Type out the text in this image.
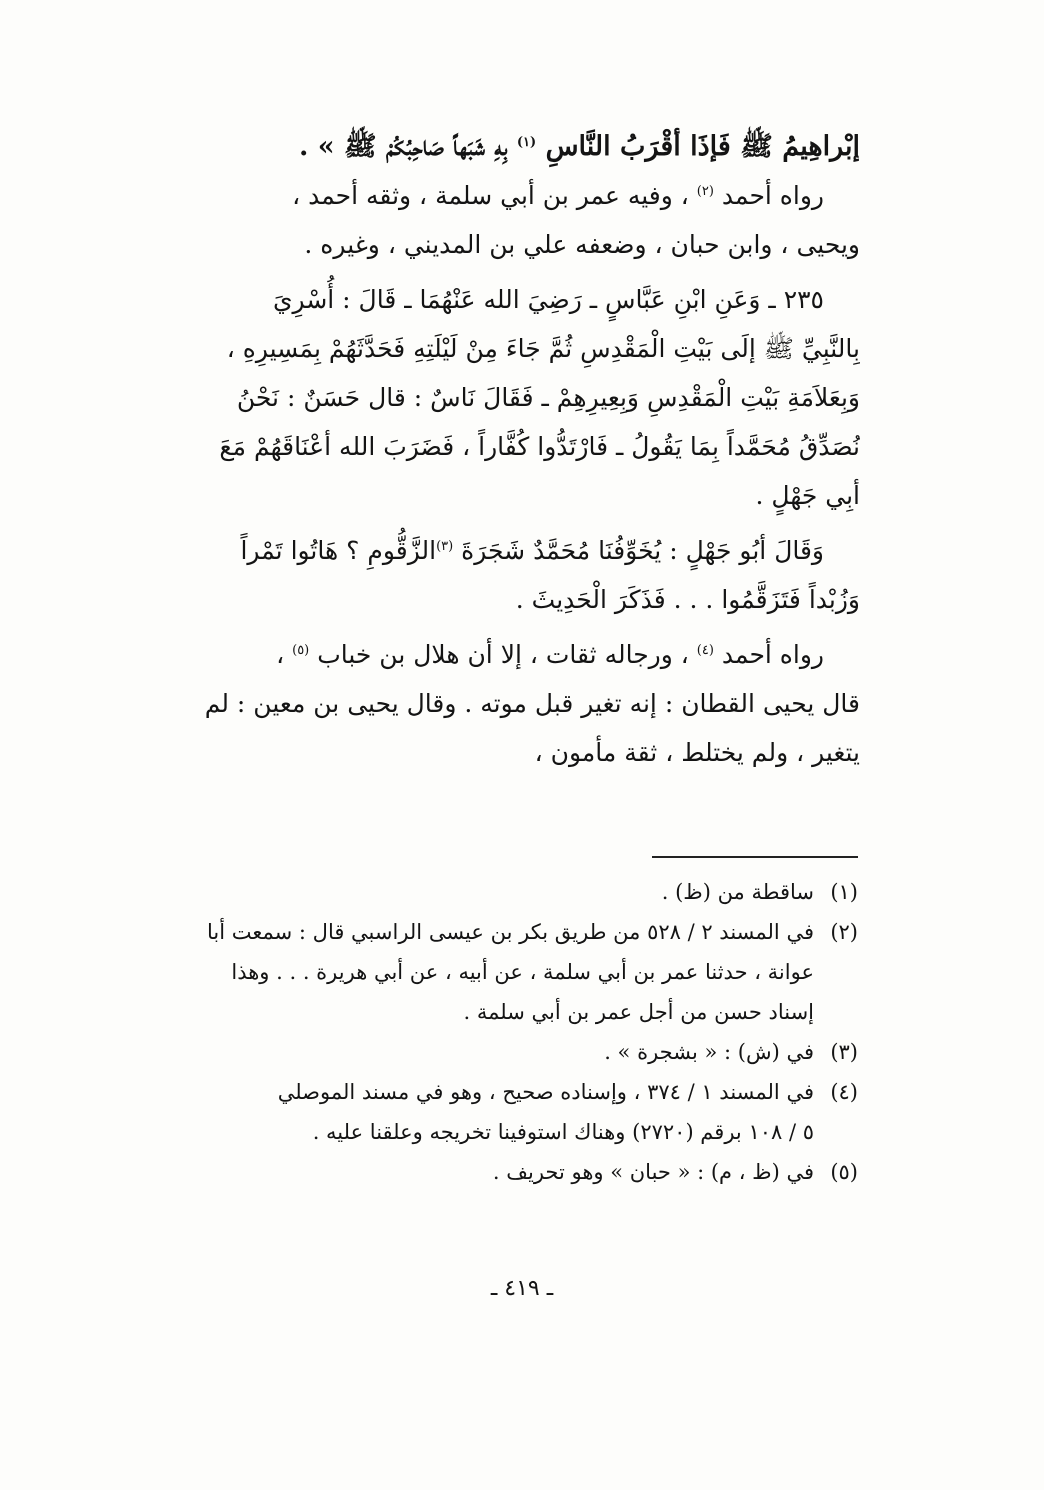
إبْراهِيمُ ﷺ فَإذَا أقْرَبُ النَّاسِ $^{(١)}$ بِهِ شَبَهاً صَاحِبُكُمْ ﷺ » .
رواه أحمد $^{(٢)}$ ، وفيه عمر بن أبي سلمة ، وثقه أحمد ،
ويحيى ، وابن حبان ، وضعفه علي بن المديني ، وغيره .
٢٣٥ ـ وَعَنِ ابْنِ عَبَّاسٍ ـ رَضِيَ الله عَنْهُمَا ـ قَالَ : أُسْرِيَ
بِالنَّبِيِّ ﷺ إلَى بَيْتِ الْمَقْدِسِ ثُمَّ جَاءَ مِنْ لَيْلَتِهِ فَحَدَّثَهُمْ بِمَسِيرِهِ ،
وَبِعَلاَمَةِ بَيْتِ الْمَقْدِسِ وَبِعِيرِهِمْ ـ فَقَالَ نَاسٌ : قال حَسَنٌ : نَحْنُ
نُصَدِّقُ مُحَمَّداً بِمَا يَقُولُ ـ فَارْتَدُّوا كُفَّاراً ، فَضَرَبَ الله أعْنَاقَهُمْ مَعَ
أبِي جَهْلٍ .
وَقَالَ أبُو جَهْلٍ : يُخَوِّفُنَا مُحَمَّدٌ شَجَرَةَ $^{(٣)}$الزَّقُّومِ ؟ هَاتُوا تَمْراً
وَزُبْداً فَتَزَقَّمُوا . . . فَذَكَرَ الْحَدِيثَ .
رواه أحمد $^{(٤)}$ ، ورجاله ثقات ، إلا أن هلال بن خباب $^{(٥)}$ ،
قال يحيى القطان : إنه تغير قبل موته . وقال يحيى بن معين : لم
يتغير ، ولم يختلط ، ثقة مأمون ،
(١)
ساقطة من (ظ) .
(٢)
في المسند ٢ / ٥٢٨ من طريق بكر بن عيسى الراسبي قال : سمعت أبا
عوانة ، حدثنا عمر بن أبي سلمة ، عن أبيه ، عن أبي هريرة . . . وهذا
إسناد حسن من أجل عمر بن أبي سلمة .
(٣)
في (ش) : « بشجرة » .
(٤)
في المسند ١ / ٣٧٤ ، وإسناده صحيح ، وهو في مسند الموصلي
٥ / ١٠٨ برقم (٢٧٢٠) وهناك استوفينا تخريجه وعلقنا عليه .
(٥)
في (ظ ، م) : « حبان » وهو تحريف .
ـ ٤١٩ ـ
